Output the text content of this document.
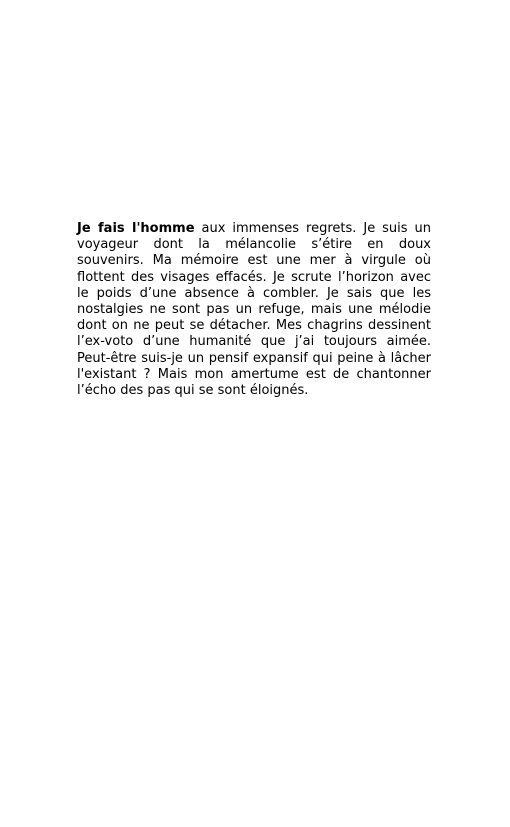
Je fais l'homme aux immenses regrets. Je suis un voyageur dont la mélancolie s’étire en doux souvenirs. Ma mémoire est une mer à virgule où flottent des visages effacés. Je scrute l’horizon avec le poids d’une absence à combler. Je sais que les nostalgies ne sont pas un refuge, mais une mélodie dont on ne peut se détacher. Mes chagrins dessinent l’ex-voto d’une humanité que j’ai toujours aimée. Peut-être suis-je un pensif expansif qui peine à lâcher l'existant ? Mais mon amertume est de chantonner l’écho des pas qui se sont éloignés.
